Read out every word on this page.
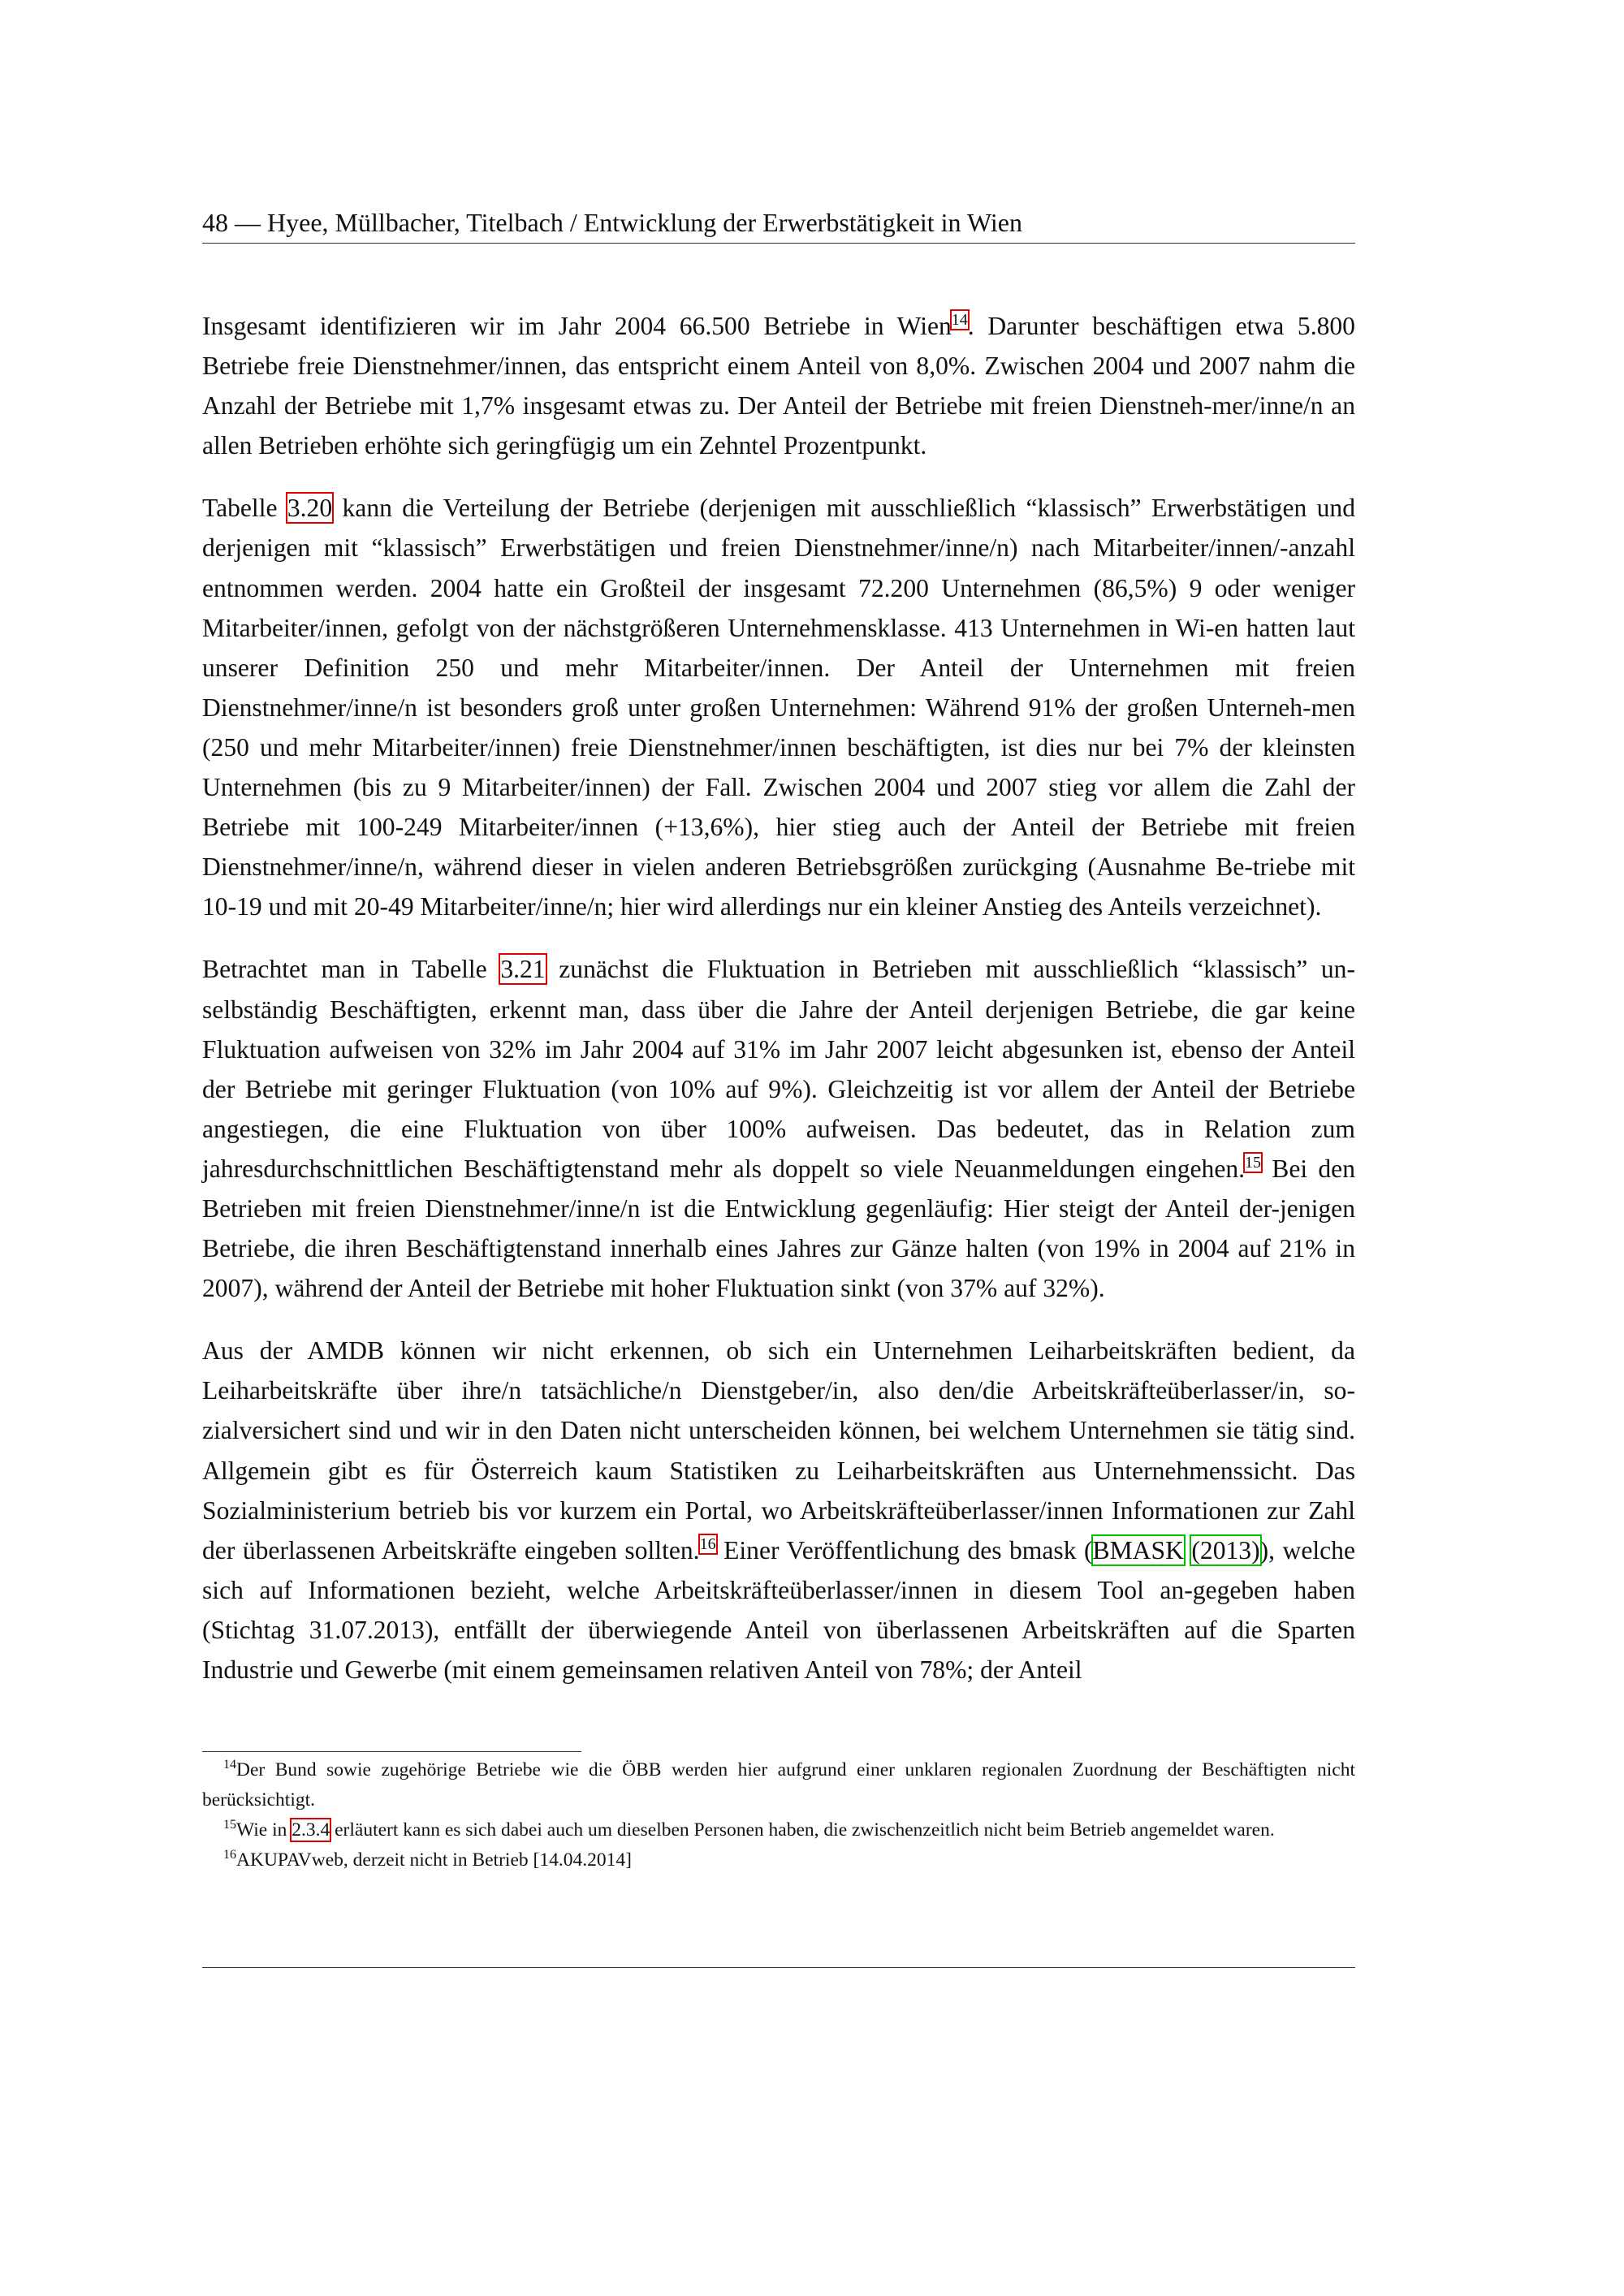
48 — Hyee, Müllbacher, Titelbach / Entwicklung der Erwerbstätigkeit in Wien

Insgesamt identifizieren wir im Jahr 2004 66.500 Betriebe in Wien$^{14}$. Darunter beschäftigen etwa 5.800 Betriebe freie Dienstnehmer/innen, das entspricht einem Anteil von 8,0%. Zwischen 2004 und 2007 nahm die Anzahl der Betriebe mit 1,7% insgesamt etwas zu. Der Anteil der Betriebe mit freien Dienstneh-mer/inne/n an allen Betrieben erhöhte sich geringfügig um ein Zehntel Prozentpunkt.

Tabelle 3.20 kann die Verteilung der Betriebe (derjenigen mit ausschließlich “klassisch” Erwerbstätigen und derjenigen mit “klassisch” Erwerbstätigen und freien Dienstnehmer/inne/n) nach Mitarbeiter/innen/-anzahl entnommen werden. 2004 hatte ein Großteil der insgesamt 72.200 Unternehmen (86,5%) 9 oder weniger Mitarbeiter/innen, gefolgt von der nächstgrößeren Unternehmensklasse. 413 Unternehmen in Wi-en hatten laut unserer Definition 250 und mehr Mitarbeiter/innen. Der Anteil der Unternehmen mit freien Dienstnehmer/inne/n ist besonders groß unter großen Unternehmen: Während 91% der großen Unterneh-men (250 und mehr Mitarbeiter/innen) freie Dienstnehmer/innen beschäftigten, ist dies nur bei 7% der kleinsten Unternehmen (bis zu 9 Mitarbeiter/innen) der Fall. Zwischen 2004 und 2007 stieg vor allem die Zahl der Betriebe mit 100-249 Mitarbeiter/innen (+13,6%), hier stieg auch der Anteil der Betriebe mit freien Dienstnehmer/inne/n, während dieser in vielen anderen Betriebsgrößen zurückging (Ausnahme Be-triebe mit 10-19 und mit 20-49 Mitarbeiter/inne/n; hier wird allerdings nur ein kleiner Anstieg des Anteils verzeichnet).

Betrachtet man in Tabelle 3.21 zunächst die Fluktuation in Betrieben mit ausschließlich “klassisch” un-selbständig Beschäftigten, erkennt man, dass über die Jahre der Anteil derjenigen Betriebe, die gar keine Fluktuation aufweisen von 32% im Jahr 2004 auf 31% im Jahr 2007 leicht abgesunken ist, ebenso der Anteil der Betriebe mit geringer Fluktuation (von 10% auf 9%). Gleichzeitig ist vor allem der Anteil der Betriebe angestiegen, die eine Fluktuation von über 100% aufweisen. Das bedeutet, das in Relation zum jahresdurchschnittlichen Beschäftigtenstand mehr als doppelt so viele Neuanmeldungen eingehen.$^{15}$ Bei den Betrieben mit freien Dienstnehmer/inne/n ist die Entwicklung gegenläufig: Hier steigt der Anteil der-jenigen Betriebe, die ihren Beschäftigtenstand innerhalb eines Jahres zur Gänze halten (von 19% in 2004 auf 21% in 2007), während der Anteil der Betriebe mit hoher Fluktuation sinkt (von 37% auf 32%).

Aus der AMDB können wir nicht erkennen, ob sich ein Unternehmen Leiharbeitskräften bedient, da Leiharbeitskräfte über ihre/n tatsächliche/n Dienstgeber/in, also den/die Arbeitskräfteüberlasser/in, so-zialversichert sind und wir in den Daten nicht unterscheiden können, bei welchem Unternehmen sie tätig sind. Allgemein gibt es für Österreich kaum Statistiken zu Leiharbeitskräften aus Unternehmenssicht. Das Sozialministerium betrieb bis vor kurzem ein Portal, wo Arbeitskräfteüberlasser/innen Informationen zur Zahl der überlassenen Arbeitskräfte eingeben sollten.$^{16}$ Einer Veröffentlichung des bmask (BMASK (2013)), welche sich auf Informationen bezieht, welche Arbeitskräfteüberlasser/innen in diesem Tool an-gegeben haben (Stichtag 31.07.2013), entfällt der überwiegende Anteil von überlassenen Arbeitskräften auf die Sparten Industrie und Gewerbe (mit einem gemeinsamen relativen Anteil von 78%; der Anteil

$^{14}$Der Bund sowie zugehörige Betriebe wie die ÖBB werden hier aufgrund einer unklaren regionalen Zuordnung der Beschäftigten nicht berücksichtigt.

$^{15}$Wie in 2.3.4 erläutert kann es sich dabei auch um dieselben Personen haben, die zwischenzeitlich nicht beim Betrieb angemeldet waren.

$^{16}$AKUPAVweb, derzeit nicht in Betrieb [14.04.2014]
